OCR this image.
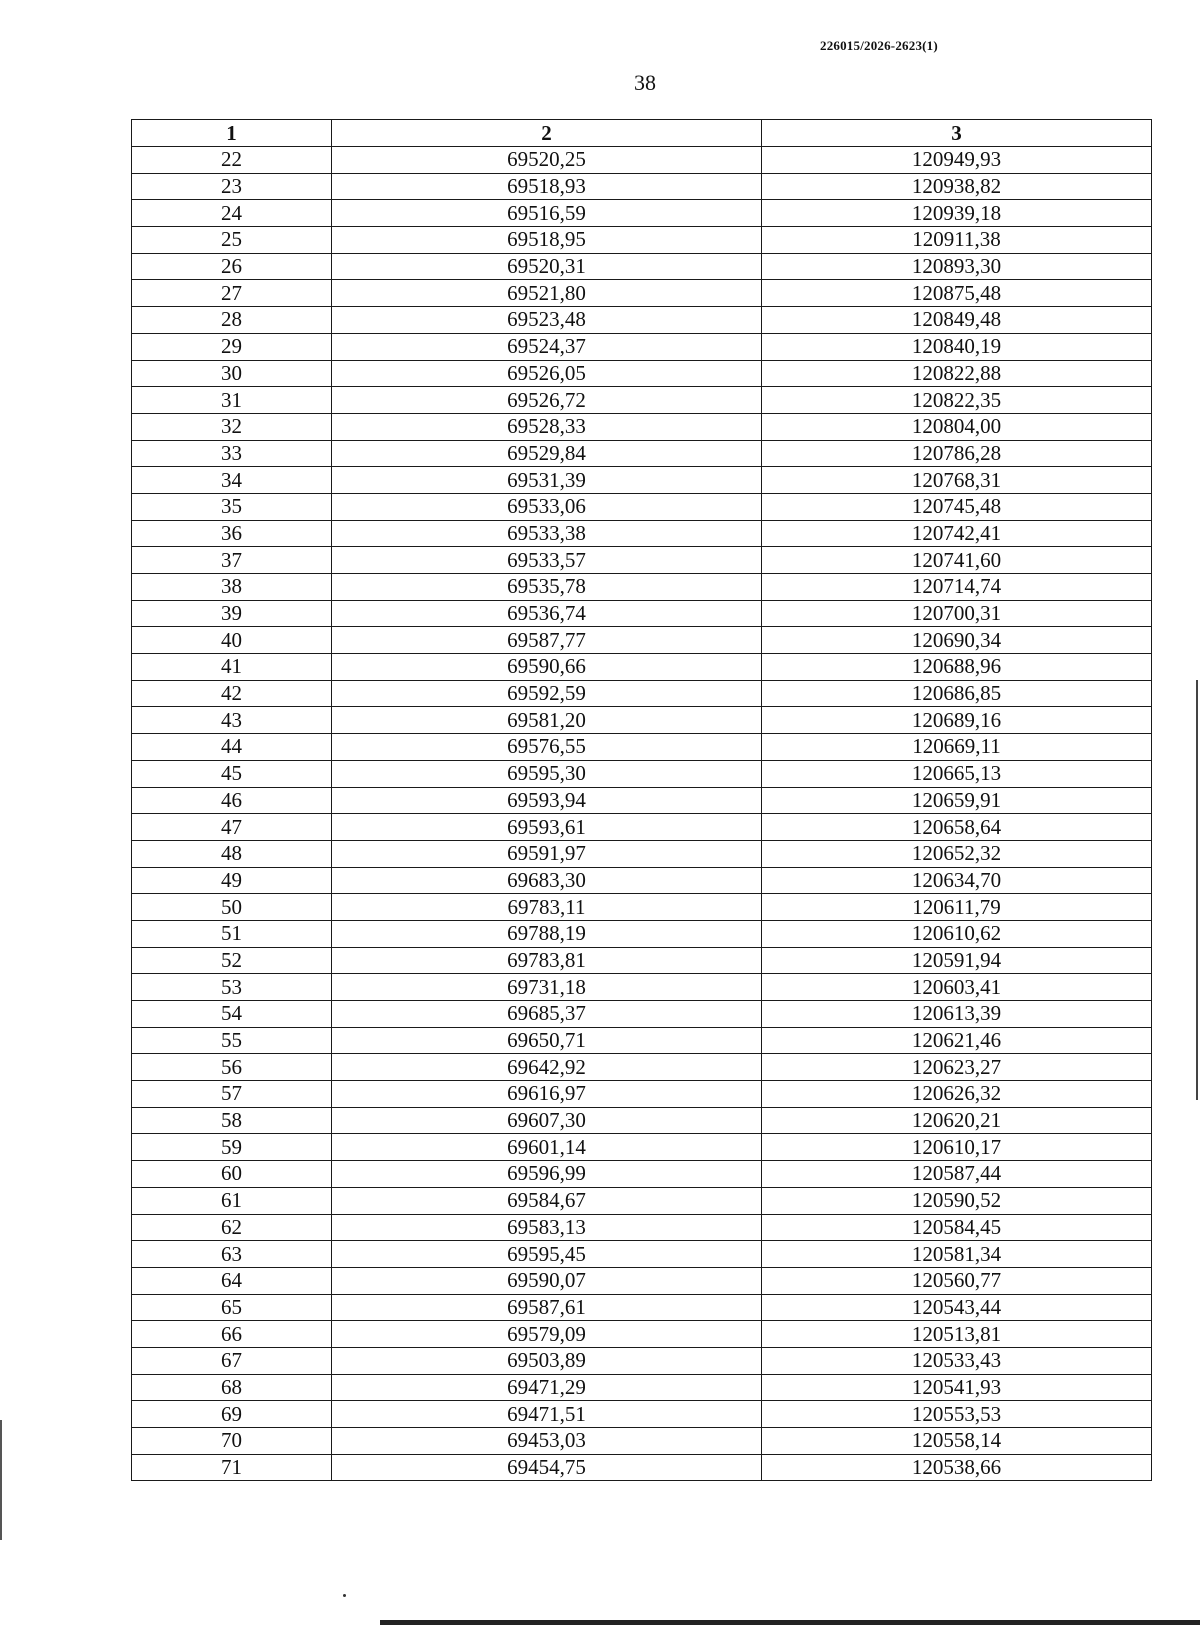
226015/2026-2623(1)
38
1	2	3
22	69520,25	120949,93
23	69518,93	120938,82
24	69516,59	120939,18
25	69518,95	120911,38
26	69520,31	120893,30
27	69521,80	120875,48
28	69523,48	120849,48
29	69524,37	120840,19
30	69526,05	120822,88
31	69526,72	120822,35
32	69528,33	120804,00
33	69529,84	120786,28
34	69531,39	120768,31
35	69533,06	120745,48
36	69533,38	120742,41
37	69533,57	120741,60
38	69535,78	120714,74
39	69536,74	120700,31
40	69587,77	120690,34
41	69590,66	120688,96
42	69592,59	120686,85
43	69581,20	120689,16
44	69576,55	120669,11
45	69595,30	120665,13
46	69593,94	120659,91
47	69593,61	120658,64
48	69591,97	120652,32
49	69683,30	120634,70
50	69783,11	120611,79
51	69788,19	120610,62
52	69783,81	120591,94
53	69731,18	120603,41
54	69685,37	120613,39
55	69650,71	120621,46
56	69642,92	120623,27
57	69616,97	120626,32
58	69607,30	120620,21
59	69601,14	120610,17
60	69596,99	120587,44
61	69584,67	120590,52
62	69583,13	120584,45
63	69595,45	120581,34
64	69590,07	120560,77
65	69587,61	120543,44
66	69579,09	120513,81
67	69503,89	120533,43
68	69471,29	120541,93
69	69471,51	120553,53
70	69453,03	120558,14
71	69454,75	120538,66
